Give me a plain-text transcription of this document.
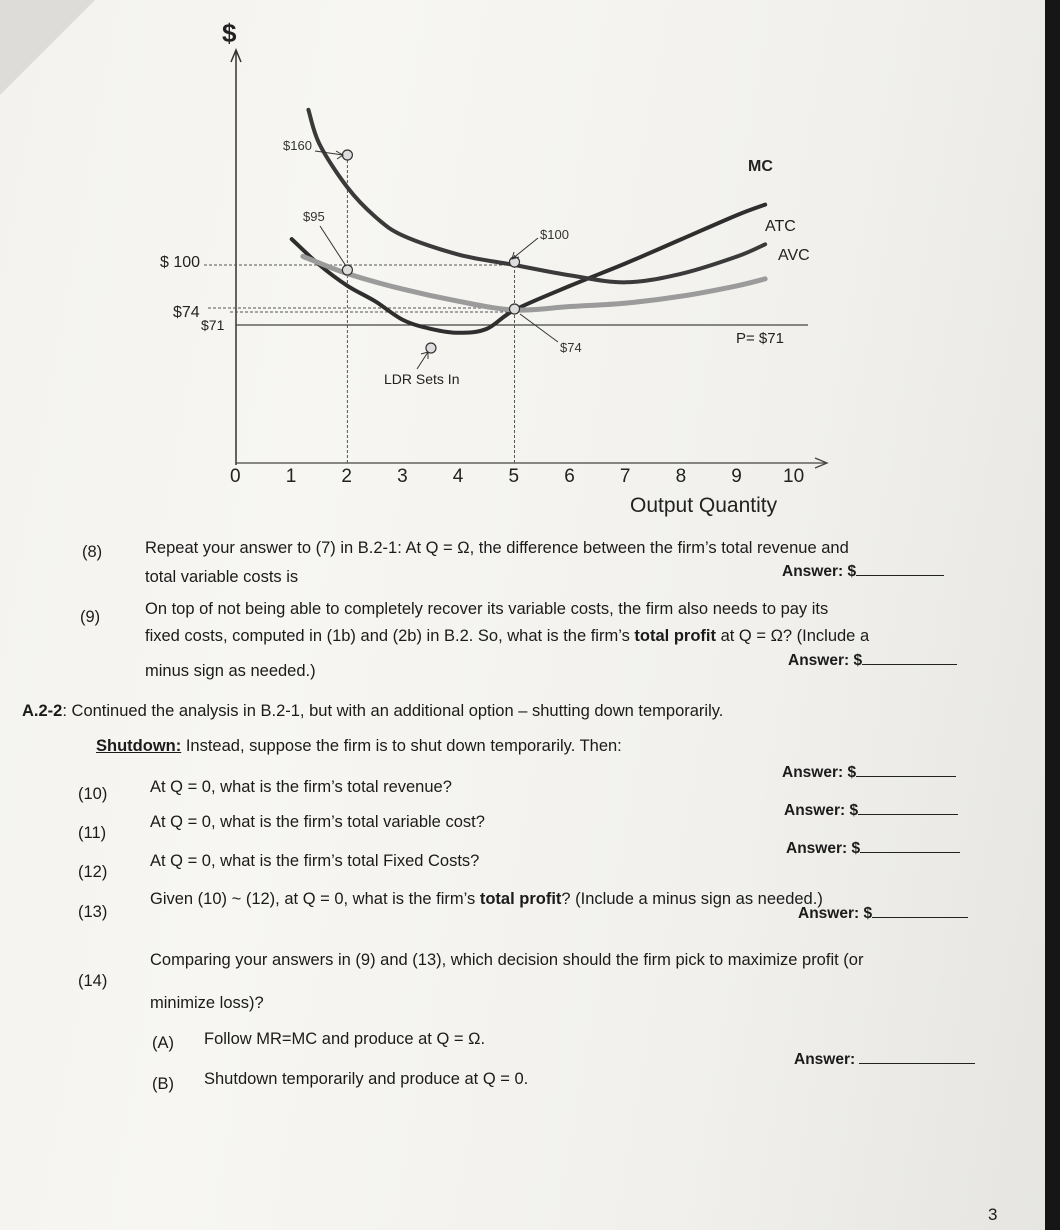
$
0 1 2 3 4 5 6 7 8 9 10
Output Quantity
$ 100
$74
$71
P= $71
MC
ATC
AVC
$160
$95
$100
$74
LDR Sets In
(8)	Repeat your answer to (7) in B.2-1: At Q = Ω, the difference between the firm’s total revenue and
total variable costs is	Answer: $
(9)	On top of not being able to completely recover its variable costs, the firm also needs to pay its
fixed costs, computed in (1b) and (2b) in B.2. So, what is the firm’s total profit at Q = Ω? (Include a
minus sign as needed.)
Answer: $
A.2-2: Continued the analysis in B.2-1, but with an additional option – shutting down temporarily.
Shutdown: Instead, suppose the firm is to shut down temporarily. Then:
(10)	At Q = 0, what is the firm’s total revenue?
Answer: $
(11)
At Q = 0, what is the firm’s total variable cost?
Answer: $
(12)
At Q = 0, what is the firm’s total Fixed Costs?
Answer: $
(13)
Given (10) ~ (12), at Q = 0, what is the firm’s total profit? (Include a minus sign as needed.)
Answer: $
(14)
Comparing your answers in (9) and (13), which decision should the firm pick to maximize profit (or
minimize loss)?
(A) Follow MR=MC and produce at Q = Ω.
(B) Shutdown temporarily and produce at Q = 0.
Answer:
3
